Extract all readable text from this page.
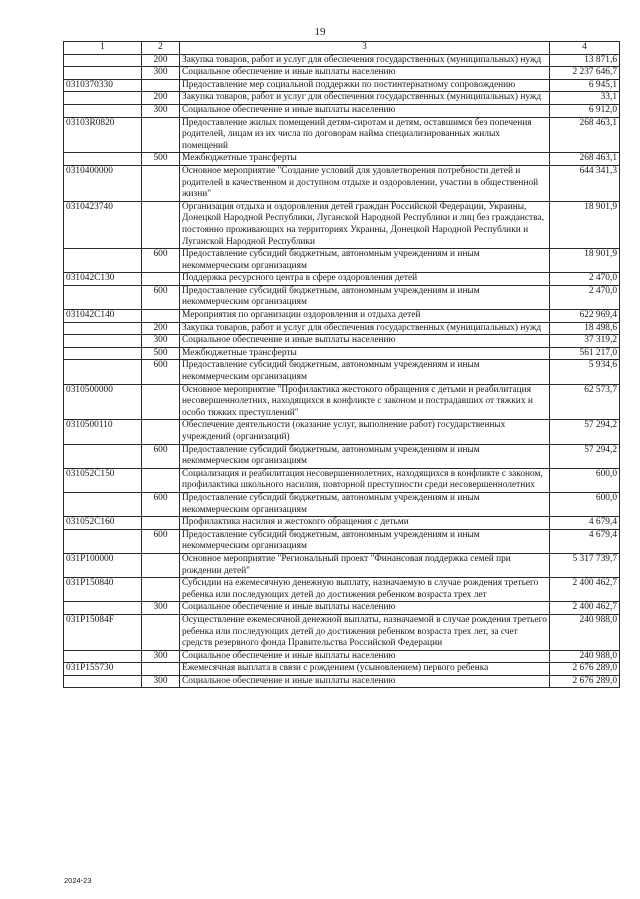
19
1	2	3	4
	200	Закупка товаров, работ и услуг для обеспечения государственных (муниципальных) нужд	13 871,6
	300	Социальное обеспечение и иные выплаты населению	2 237 646,7
0310370330		Предоставление мер социальной поддержки по постинтернатному сопровождению	6 945,1
	200	Закупка товаров, работ и услуг для обеспечения государственных (муниципальных) нужд	33,1
	300	Социальное обеспечение и иные выплаты населению	6 912,0
03103R0820		Предоставление жилых помещений детям-сиротам и детям, оставшимся без попечения родителей, лицам из их числа по договорам найма специализированных жилых помещений	268 463,1
	500	Межбюджетные трансферты	268 463,1
0310400000		Основное мероприятие "Создание условий для удовлетворения потребности детей и родителей в качественном и доступном отдыхе и оздоровлении, участии в общественной жизни"	644 341,3
0310423740		Организация отдыха и оздоровления детей граждан Российской Федерации, Украины, Донецкой Народной Республики, Луганской Народной Республики и лиц без гражданства, постоянно проживающих на территориях Украины, Донецкой Народной Республики и Луганской Народной Республики	18 901,9
	600	Предоставление субсидий бюджетным, автономным учреждениям и иным некоммерческим организациям	18 901,9
031042С130		Поддержка ресурсного центра в сфере оздоровления детей	2 470,0
	600	Предоставление субсидий бюджетным, автономным учреждениям и иным некоммерческим организациям	2 470,0
031042С140		Мероприятия по организации оздоровления и отдыха детей	622 969,4
	200	Закупка товаров, работ и услуг для обеспечения государственных (муниципальных) нужд	18 498,6
	300	Социальное обеспечение и иные выплаты населению	37 319,2
	500	Межбюджетные трансферты	561 217,0
	600	Предоставление субсидий бюджетным, автономным учреждениям и иным некоммерческим организациям	5 934,6
0310500000		Основное мероприятие "Профилактика жестокого обращения с детьми и реабилитация несовершеннолетних, находящихся в конфликте с законом и пострадавших от тяжких и особо тяжких преступлений"	62 573,7
0310500110		Обеспечение деятельности (оказание услуг, выполнение работ) государственных учреждений (организаций)	57 294,2
	600	Предоставление субсидий бюджетным, автономным учреждениям и иным некоммерческим организациям	57 294,2
031052С150		Социализация и реабилитация несовершеннолетних, находящихся в конфликте с законом, профилактика школьного насилия, повторной преступности среди несовершеннолетних	600,0
	600	Предоставление субсидий бюджетным, автономным учреждениям и иным некоммерческим организациям	600,0
031052С160		Профилактика насилия и жестокого обращения с детьми	4 679,4
	600	Предоставление субсидий бюджетным, автономным учреждениям и иным некоммерческим организациям	4 679,4
031Р100000		Основное мероприятие "Региональный проект "Финансовая поддержка семей при рождении детей"	5 317 739,7
031Р150840		Субсидии на ежемесячную денежную выплату, назначаемую в случае рождения третьего ребенка или последующих детей до достижения ребенком возраста трех лет	2 400 462,7
	300	Социальное обеспечение и иные выплаты населению	2 400 462,7
031Р15084F		Осуществление ежемесячной денежной выплаты, назначаемой в случае рождения третьего ребенка или последующих детей до достижения ребенком возраста трех лет, за счет средств резервного фонда Правительства Российской Федерации	240 988,0
	300	Социальное обеспечение и иные выплаты населению	240 988,0
031Р155730		Ежемесячная выплата в связи с рождением (усыновлением) первого ребенка	2 676 289,0
	300	Социальное обеспечение и иные выплаты населению	2 676 289,0
2024-23
